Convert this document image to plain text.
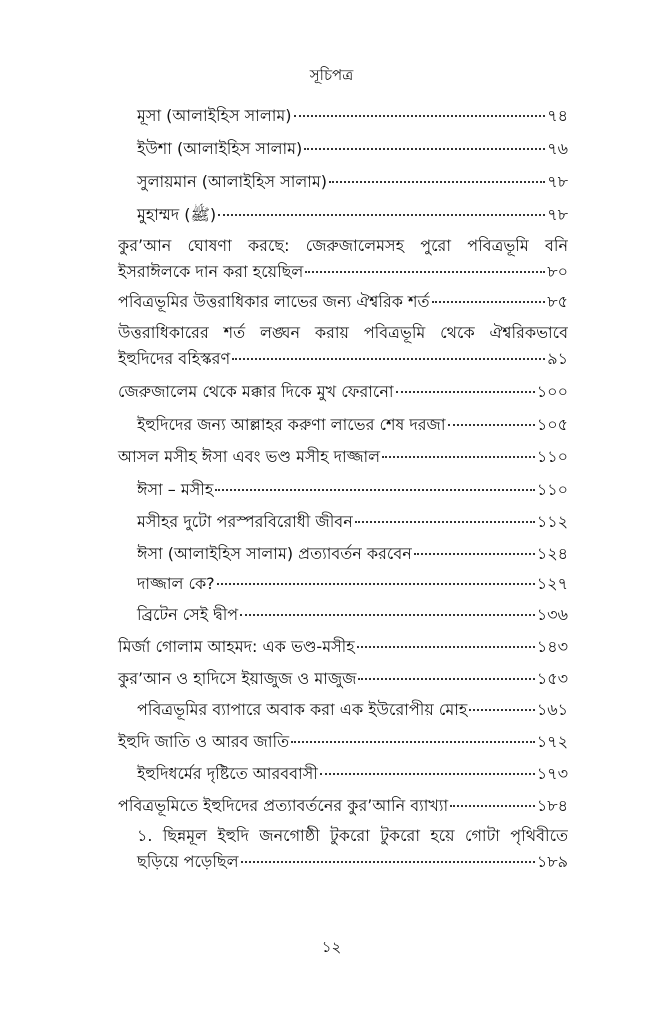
সূচিপত্র
মূসা (আলাইহিস সালাম)	৭৪
ইউশা (আলাইহিস সালাম)	৭৬
সুলায়মান (আলাইহিস সালাম)	৭৮
মুহাম্মদ (ﷺ)	৭৮
কুর’আন ঘোষণা করছে: জেরুজালেমসহ পুরো পবিত্রভূমি বনি
ইসরাঈলকে দান করা হয়েছিল	৮০
পবিত্রভূমির উত্তরাধিকার লাভের জন্য ঐশ্বরিক শর্ত	৮৫
উত্তরাধিকারের শর্ত লঙ্ঘন করায় পবিত্রভূমি থেকে ঐশ্বরিকভাবে
ইহুদিদের বহিস্করণ	৯১
জেরুজালেম থেকে মক্কার দিকে মুখ ফেরানো	১০০
ইহুদিদের জন্য আল্লাহর করুণা লাভের শেষ দরজা	১০৫
আসল মসীহ ঈসা এবং ভণ্ড মসীহ দাজ্জাল	১১০
ঈসা – মসীহ	১১০
মসীহর দুটো পরস্পরবিরোধী জীবন	১১২
ঈসা (আলাইহিস সালাম) প্রত্যাবর্তন করবেন	১২৪
দাজ্জাল কে?	১২৭
ব্রিটেন সেই দ্বীপ	১৩৬
মির্জা গোলাম আহমদ: এক ভণ্ড-মসীহ	১৪৩
কুর’আন ও হাদিসে ইয়াজুজ ও মাজুজ	১৫৩
পবিত্রভূমির ব্যাপারে অবাক করা এক ইউরোপীয় মোহ	১৬১
ইহুদি জাতি ও আরব জাতি	১৭২
ইহুদিধর্মের দৃষ্টিতে আরববাসী	১৭৩
পবিত্রভূমিতে ইহুদিদের প্রত্যাবর্তনের কুর’আনি ব্যাখ্যা	১৮৪
১. ছিন্নমূল ইহুদি জনগোষ্ঠী টুকরো টুকরো হয়ে গোটা পৃথিবীতে
ছড়িয়ে পড়েছিল	১৮৯
১২
